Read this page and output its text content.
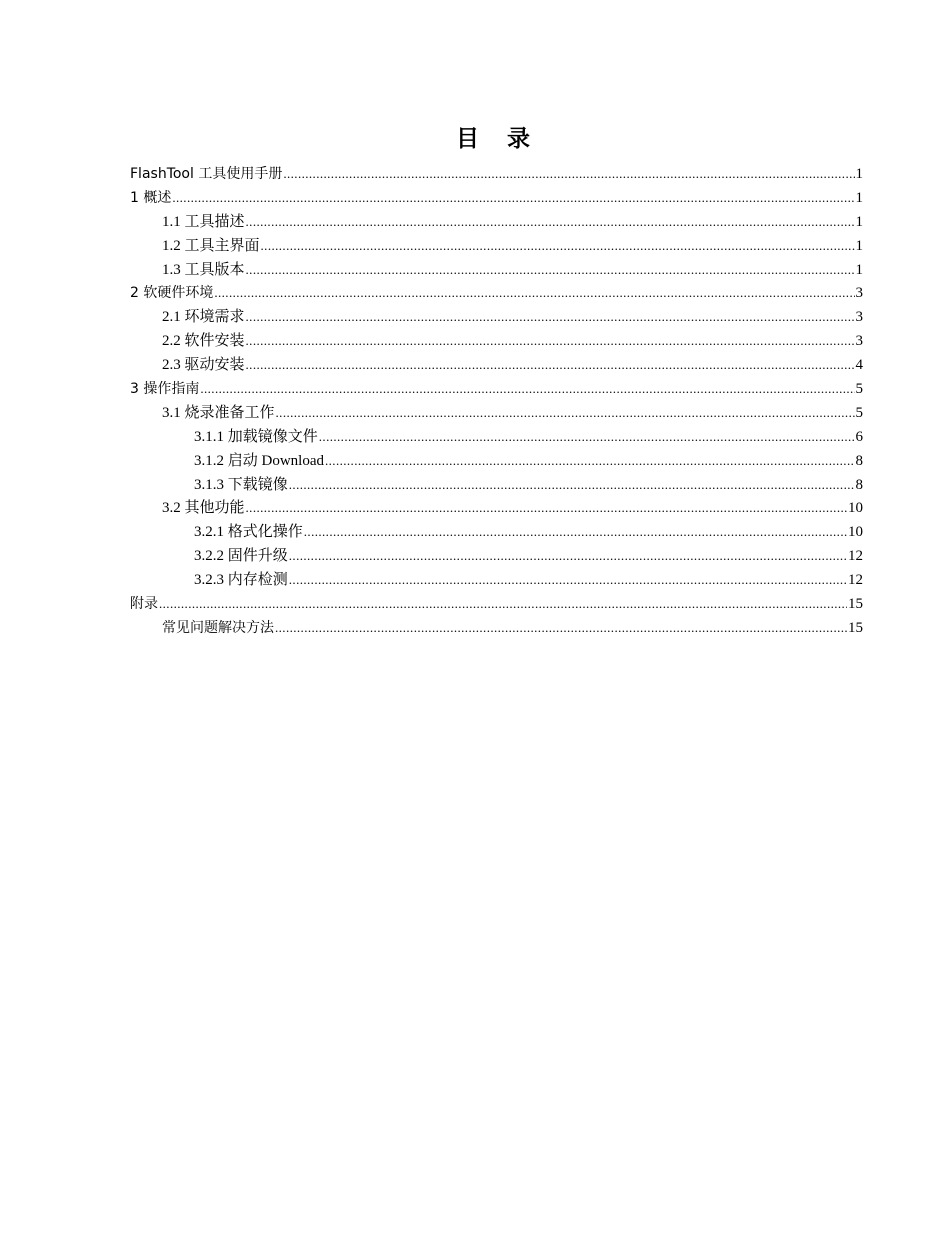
目 录
FlashTool 工具使用手册 .....	1
1 概述 .....	1
1.1 工具描述 .....	1
1.2 工具主界面 .....	1
1.3 工具版本 .....	1
2 软硬件环境 .....	3
2.1 环境需求 .....	3
2.2 软件安装 .....	3
2.3 驱动安装 .....	4
3 操作指南 .....	5
3.1 烧录准备工作 .....	5
3.1.1 加载镜像文件 .....	6
3.1.2 启动 Download .....	8
3.1.3 下载镜像 .....	8
3.2 其他功能 .....	10
3.2.1 格式化操作 .....	10
3.2.2 固件升级 .....	12
3.2.3 内存检测 .....	12
附录 .....	15
常见问题解决方法 .....	15
